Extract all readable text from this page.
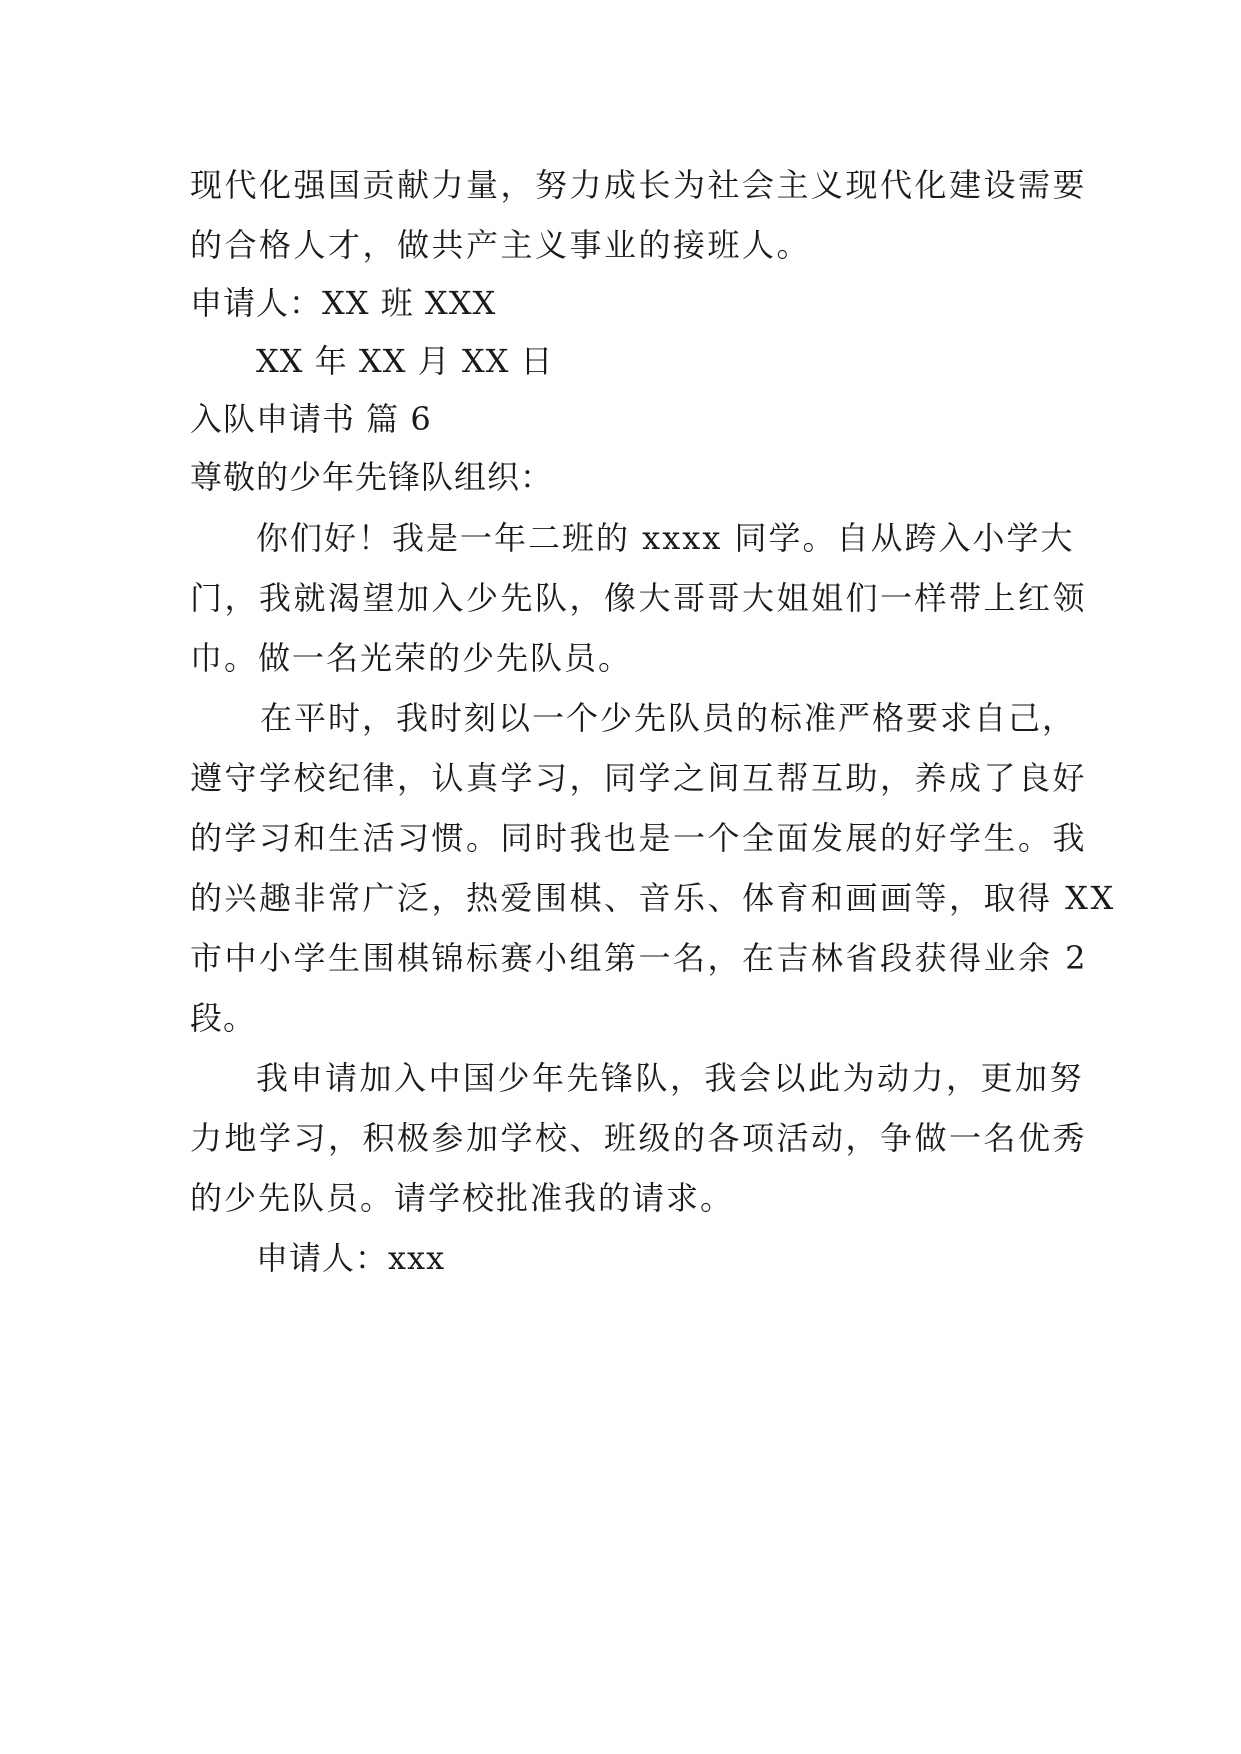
现代化强国贡献力量，努力成长为社会主义现代化建设需要
的合格人才，做共产主义事业的接班人。
申请人：XX 班 XXX
XX 年 XX 月 XX 日
入队申请书 篇 6
尊敬的少年先锋队组织：
你们好！我是一年二班的 xxxx 同学。自从跨入小学大
门，我就渴望加入少先队，像大哥哥大姐姐们一样带上红领
巾。做一名光荣的少先队员。
在平时，我时刻以一个少先队员的标准严格要求自己，
遵守学校纪律，认真学习，同学之间互帮互助，养成了良好
的学习和生活习惯。同时我也是一个全面发展的好学生。我
的兴趣非常广泛，热爱围棋、音乐、体育和画画等，取得 XX
市中小学生围棋锦标赛小组第一名，在吉林省段获得业余 2
段。
我申请加入中国少年先锋队，我会以此为动力，更加努
力地学习，积极参加学校、班级的各项活动，争做一名优秀
的少先队员。请学校批准我的请求。
申请人：xxx
